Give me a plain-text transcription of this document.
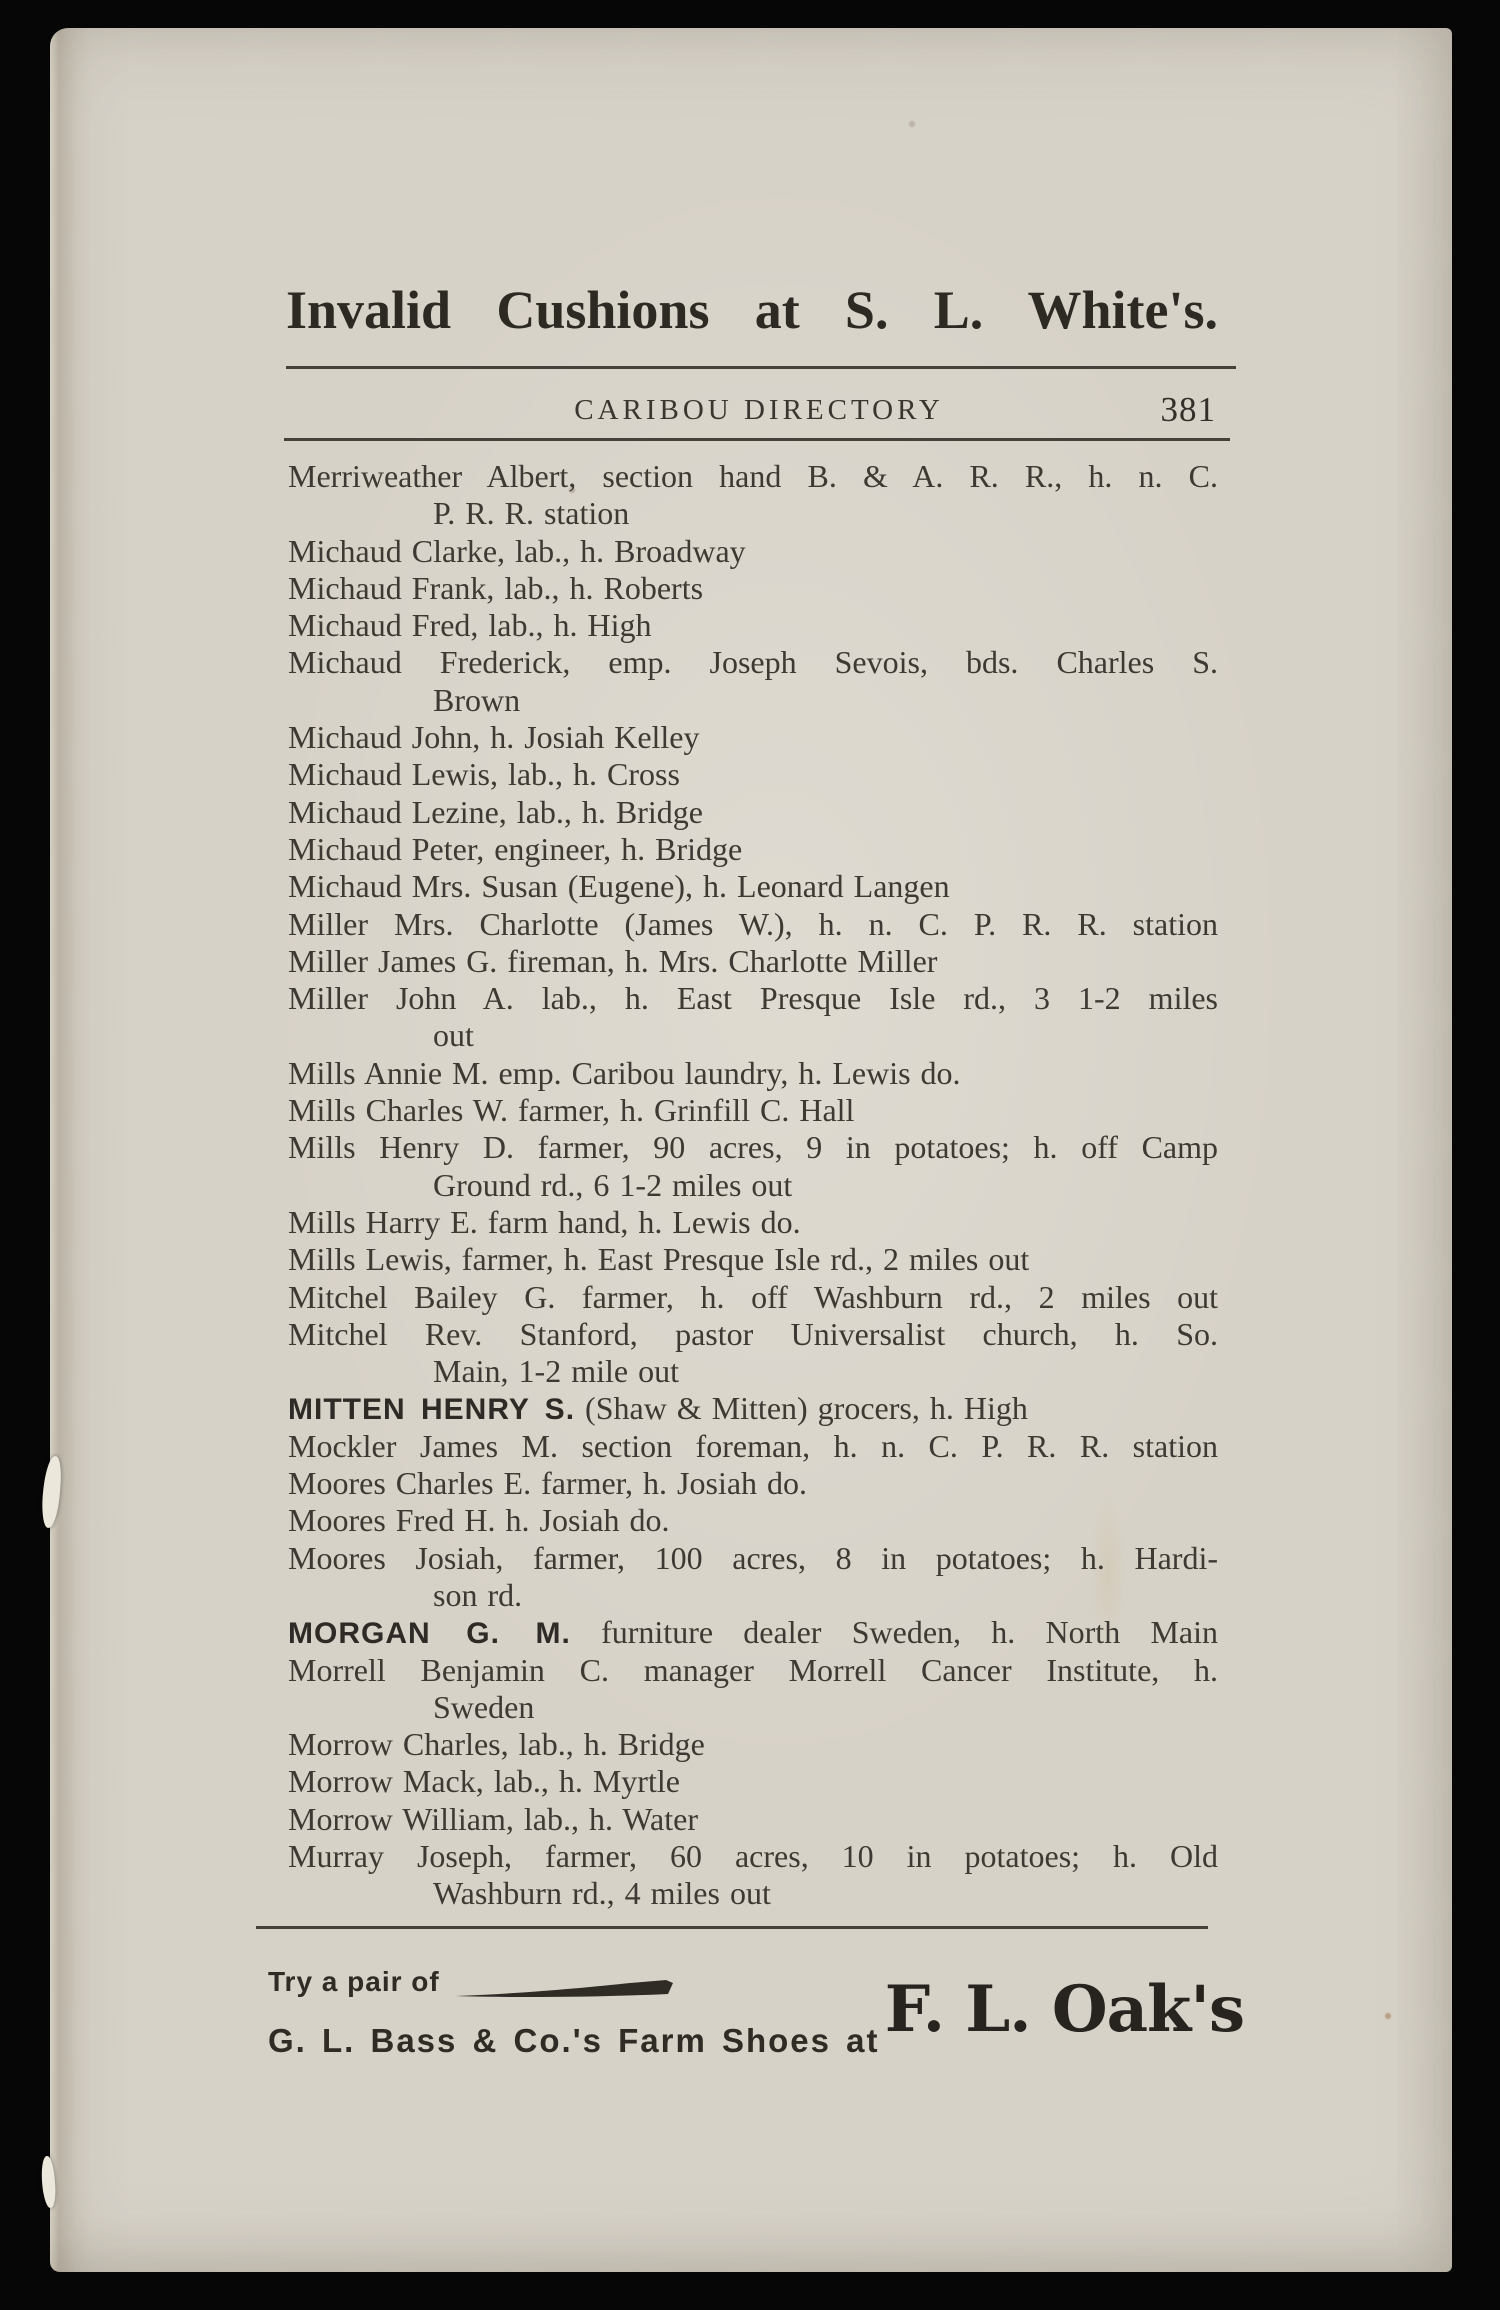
Invalid Cushions at S. L. White's.
CARIBOU DIRECTORY	381
Merriweather Albert, section hand B. & A. R. R., h. n. C.
P. R. R. station
Michaud Clarke, lab., h. Broadway
Michaud Frank, lab., h. Roberts
Michaud Fred, lab., h. High
Michaud Frederick, emp. Joseph Sevois, bds. Charles S.
Brown
Michaud John, h. Josiah Kelley
Michaud Lewis, lab., h. Cross
Michaud Lezine, lab., h. Bridge
Michaud Peter, engineer, h. Bridge
Michaud Mrs. Susan (Eugene), h. Leonard Langen
Miller Mrs. Charlotte (James W.), h. n. C. P. R. R. station
Miller James G. fireman, h. Mrs. Charlotte Miller
Miller John A. lab., h. East Presque Isle rd., 3 1-2 miles
out
Mills Annie M. emp. Caribou laundry, h. Lewis do.
Mills Charles W. farmer, h. Grinfill C. Hall
Mills Henry D. farmer, 90 acres, 9 in potatoes; h. off Camp
Ground rd., 6 1-2 miles out
Mills Harry E. farm hand, h. Lewis do.
Mills Lewis, farmer, h. East Presque Isle rd., 2 miles out
Mitchel Bailey G. farmer, h. off Washburn rd., 2 miles out
Mitchel Rev. Stanford, pastor Universalist church, h. So.
Main, 1-2 mile out
MITTEN HENRY S. (Shaw & Mitten) grocers, h. High
Mockler James M. section foreman, h. n. C. P. R. R. station
Moores Charles E. farmer, h. Josiah do.
Moores Fred H. h. Josiah do.
Moores Josiah, farmer, 100 acres, 8 in potatoes; h. Hardi-
son rd.
MORGAN G. M. furniture dealer Sweden, h. North Main
Morrell Benjamin C. manager Morrell Cancer Institute, h.
Sweden
Morrow Charles, lab., h. Bridge
Morrow Mack, lab., h. Myrtle
Morrow William, lab., h. Water
Murray Joseph, farmer, 60 acres, 10 in potatoes; h. Old
Washburn rd., 4 miles out
Try a pair of
G. L. Bass & Co.'s Farm Shoes at F. L. Oak's
